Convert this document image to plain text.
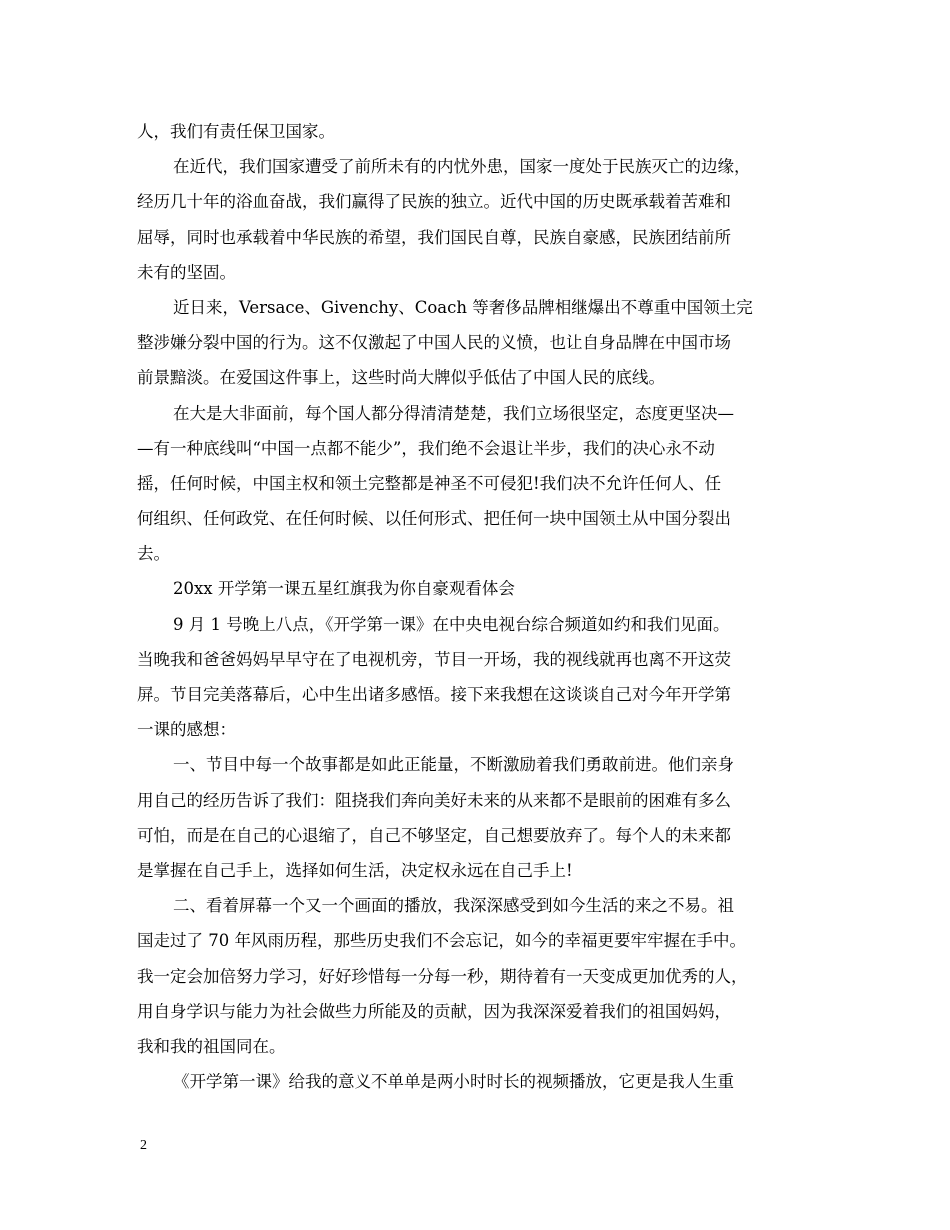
人，我们有责任保卫国家。
在近代，我们国家遭受了前所未有的内忧外患，国家一度处于民族灭亡的边缘，
经历几十年的浴血奋战，我们赢得了民族的独立。近代中国的历史既承载着苦难和
屈辱，同时也承载着中华民族的希望，我们国民自尊，民族自豪感，民族团结前所
未有的坚固。
近日来，Versace、Givenchy、Coach 等奢侈品牌相继爆出不尊重中国领土完
整涉嫌分裂中国的行为。这不仅激起了中国人民的义愤，也让自身品牌在中国市场
前景黯淡。在爱国这件事上，这些时尚大牌似乎低估了中国人民的底线。
在大是大非面前，每个国人都分得清清楚楚，我们立场很坚定，态度更坚决—
—有一种底线叫“中国一点都不能少”，我们绝不会退让半步，我们的决心永不动
摇，任何时候，中国主权和领土完整都是神圣不可侵犯!我们决不允许任何人、任
何组织、任何政党、在任何时候、以任何形式、把任何一块中国领土从中国分裂出
去。
20xx 开学第一课五星红旗我为你自豪观看体会
9 月 1 号晚上八点，《开学第一课》在中央电视台综合频道如约和我们见面。
当晚我和爸爸妈妈早早守在了电视机旁，节目一开场，我的视线就再也离不开这荧
屏。节目完美落幕后，心中生出诸多感悟。接下来我想在这谈谈自己对今年开学第
一课的感想：
一、节目中每一个故事都是如此正能量，不断激励着我们勇敢前进。他们亲身
用自己的经历告诉了我们：阻挠我们奔向美好未来的从来都不是眼前的困难有多么
可怕，而是在自己的心退缩了，自己不够坚定，自己想要放弃了。每个人的未来都
是掌握在自己手上，选择如何生活，决定权永远在自己手上!
二、看着屏幕一个又一个画面的播放，我深深感受到如今生活的来之不易。祖
国走过了 70 年风雨历程，那些历史我们不会忘记，如今的幸福更要牢牢握在手中。
我一定会加倍努力学习，好好珍惜每一分每一秒，期待着有一天变成更加优秀的人，
用自身学识与能力为社会做些力所能及的贡献，因为我深深爱着我们的祖国妈妈，
我和我的祖国同在。
《开学第一课》给我的意义不单单是两小时时长的视频播放，它更是我人生重
2
